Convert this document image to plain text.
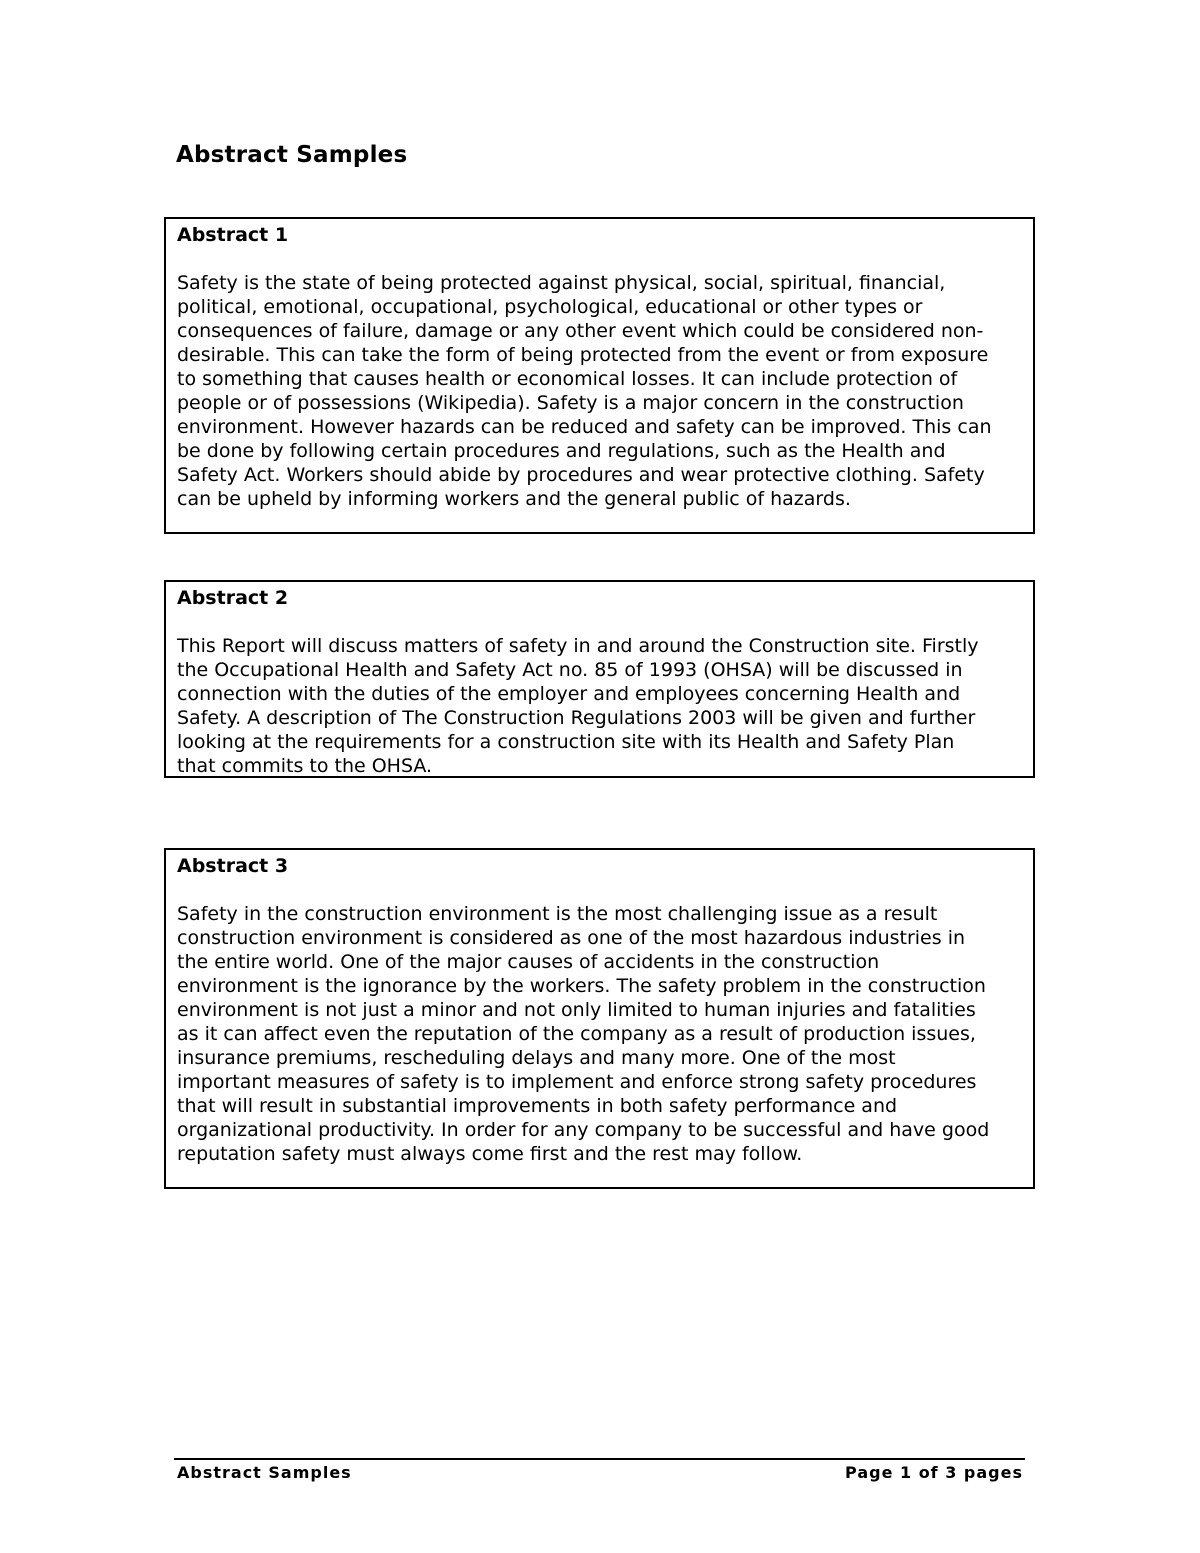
Abstract Samples
Abstract 1

Safety is the state of being protected against physical, social, spiritual, financial,
political, emotional, occupational, psychological, educational or other types or
consequences of failure, damage or any other event which could be considered non-
desirable. This can take the form of being protected from the event or from exposure
to something that causes health or economical losses. It can include protection of
people or of possessions (Wikipedia). Safety is a major concern in the construction
environment. However hazards can be reduced and safety can be improved. This can
be done by following certain procedures and regulations, such as the Health and
Safety Act. Workers should abide by procedures and wear protective clothing. Safety
can be upheld by informing workers and the general public of hazards.

Abstract 2

This Report will discuss matters of safety in and around the Construction site. Firstly
the Occupational Health and Safety Act no. 85 of 1993 (OHSA) will be discussed in
connection with the duties of the employer and employees concerning Health and
Safety. A description of The Construction Regulations 2003 will be given and further
looking at the requirements for a construction site with its Health and Safety Plan
that commits to the OHSA.

Abstract 3

Safety in the construction environment is the most challenging issue as a result
construction environment is considered as one of the most hazardous industries in
the entire world. One of the major causes of accidents in the construction
environment is the ignorance by the workers. The safety problem in the construction
environment is not just a minor and not only limited to human injuries and fatalities
as it can affect even the reputation of the company as a result of production issues,
insurance premiums, rescheduling delays and many more. One of the most
important measures of safety is to implement and enforce strong safety procedures
that will result in substantial improvements in both safety performance and
organizational productivity. In order for any company to be successful and have good
reputation safety must always come first and the rest may follow.

Abstract Samples	Page 1 of 3 pages
